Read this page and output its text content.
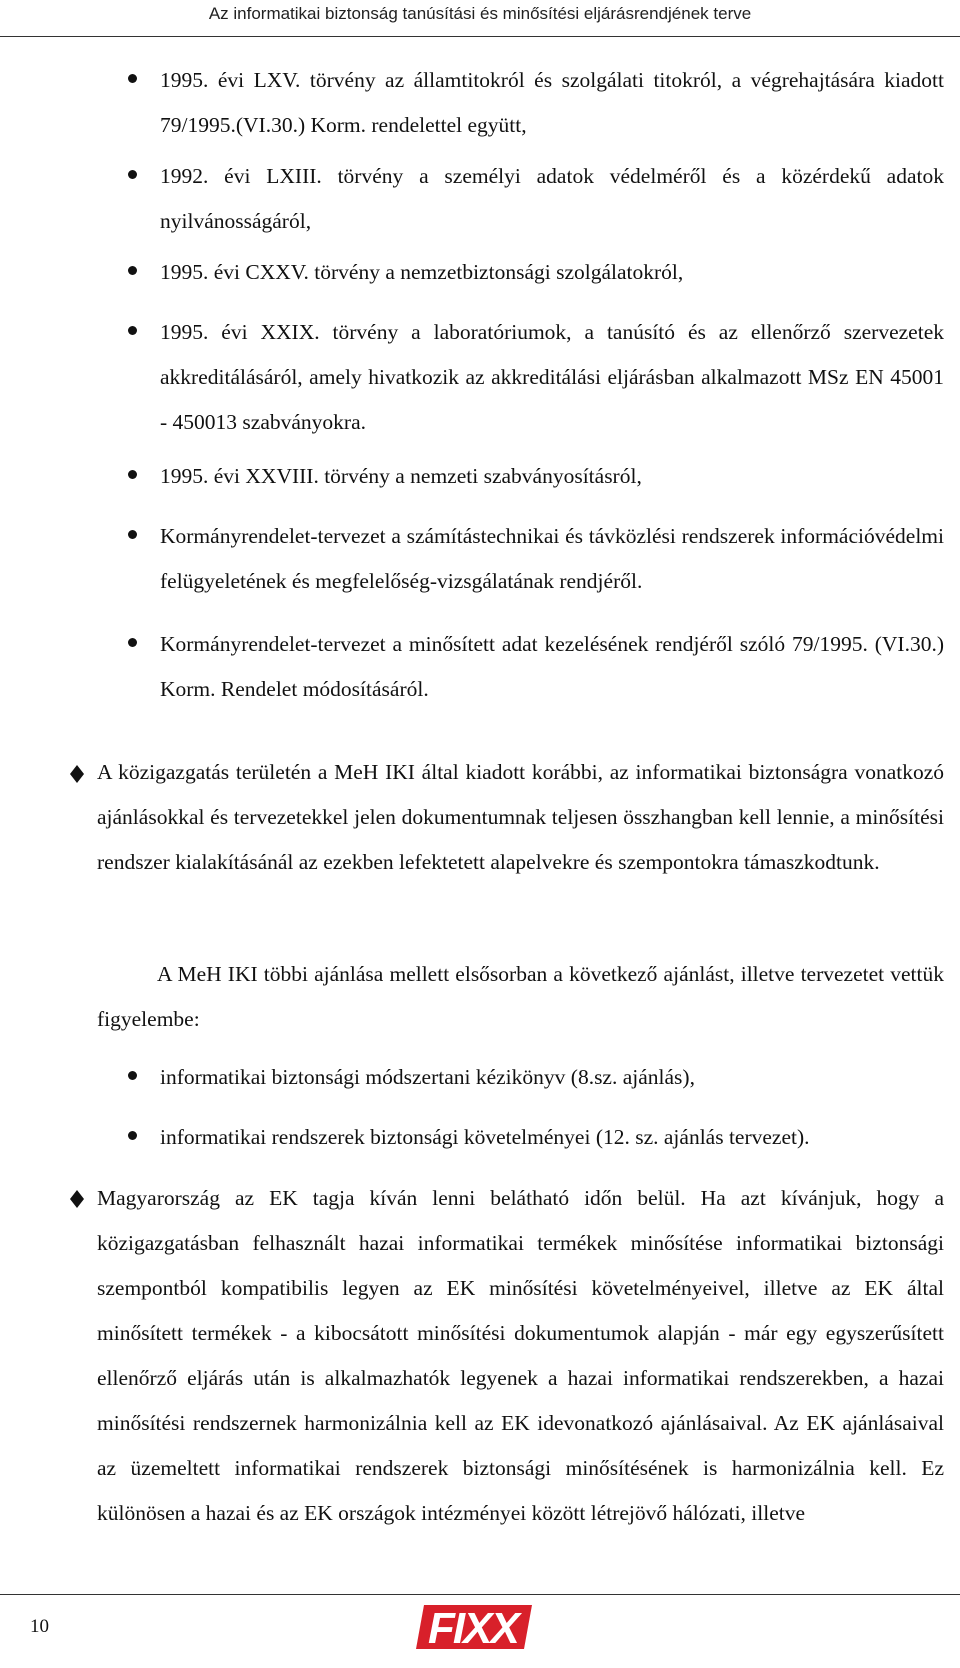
Az informatikai biztonság tanúsítási és minősítési eljárásrendjének terve
1995. évi LXV. törvény az államtitokról és szolgálati titokról, a végrehajtására kiadott 79/1995.(VI.30.) Korm. rendelettel együtt,
1992. évi LXIII. törvény a személyi adatok védelméről és a közérdekű adatok nyilvánosságáról,
1995. évi CXXV. törvény a nemzetbiztonsági szolgálatokról,
1995. évi XXIX. törvény a laboratóriumok, a tanúsító és az ellenőrző szervezetek akkreditálásáról, amely hivatkozik az akkreditálási eljárásban alkalmazott MSz EN 45001 - 450013 szabványokra.
1995. évi XXVIII. törvény a nemzeti szabványosításról,
Kormányrendelet-tervezet a számítástechnikai és távközlési rendszerek információvédelmi felügyeletének és megfelelőség-vizsgálatának rendjéről.
Kormányrendelet-tervezet a minősített adat kezelésének rendjéről szóló 79/1995. (VI.30.) Korm. Rendelet módosításáról.
A közigazgatás területén a MeH IKI által kiadott korábbi, az informatikai biztonságra vonatkozó ajánlásokkal és tervezetekkel jelen dokumentumnak teljesen összhangban kell lennie, a minősítési rendszer kialakításánál az ezekben lefektetett alapelvekre és szempontokra támaszkodtunk.
A MeH IKI többi ajánlása mellett elsősorban a következő ajánlást, illetve tervezetet vettük figyelembe:
informatikai biztonsági módszertani kézikönyv (8.sz. ajánlás),
informatikai rendszerek biztonsági követelményei (12. sz. ajánlás tervezet).
Magyarország az EK tagja kíván lenni belátható időn belül. Ha azt kívánjuk, hogy a közigazgatásban felhasznált hazai informatikai termékek minősítése informatikai biztonsági szempontból kompatibilis legyen az EK minősítési követelményeivel, illetve az EK által minősített termékek - a kibocsátott minősítési dokumentumok alapján - már egy egyszerűsített ellenőrző eljárás után is alkalmazhatók legyenek a hazai informatikai rendszerekben, a hazai minősítési rendszernek harmonizálnia kell az EK idevonatkozó ajánlásaival. Az EK ajánlásaival az üzemeltett informatikai rendszerek biztonsági minősítésének is harmonizálnia kell. Ez különösen a hazai és az EK országok intézményei között létrejövő hálózati, illetve
10	FIXX
